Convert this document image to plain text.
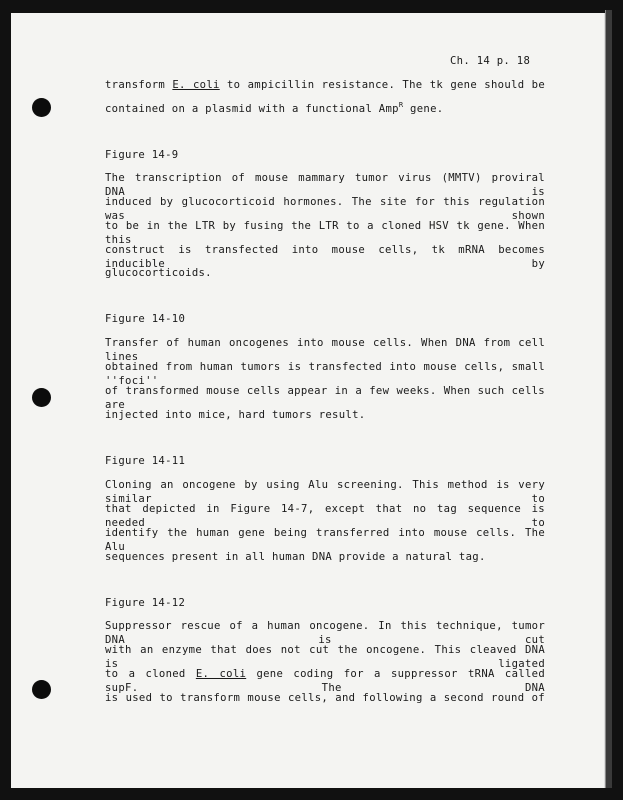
Ch. 14 p. 18
transform E. coli to ampicillin resistance. The tk gene should be
contained on a plasmid with a functional Amp$^R$ gene.
Figure 14-9
The transcription of mouse mammary tumor virus (MMTV) proviral DNA is
induced by glucocorticoid hormones. The site for this regulation was shown
to be in the LTR by fusing the LTR to a cloned HSV tk gene. When this
construct is transfected into mouse cells, tk mRNA becomes inducible by
glucocorticoids.
Figure 14-10
Transfer of human oncogenes into mouse cells. When DNA from cell lines
obtained from human tumors is transfected into mouse cells, small ''foci''
of transformed mouse cells appear in a few weeks. When such cells are
injected into mice, hard tumors result.
Figure 14-11
Cloning an oncogene by using Alu screening. This method is very similar to
that depicted in Figure 14-7, except that no tag sequence is needed to
identify the human gene being transferred into mouse cells. The Alu
sequences present in all human DNA provide a natural tag.
Figure 14-12
Suppressor rescue of a human oncogene. In this technique, tumor DNA is cut
with an enzyme that does not cut the oncogene. This cleaved DNA is ligated
to a cloned E. coli gene coding for a suppressor tRNA called supF. The DNA
is used to transform mouse cells, and following a second round of
